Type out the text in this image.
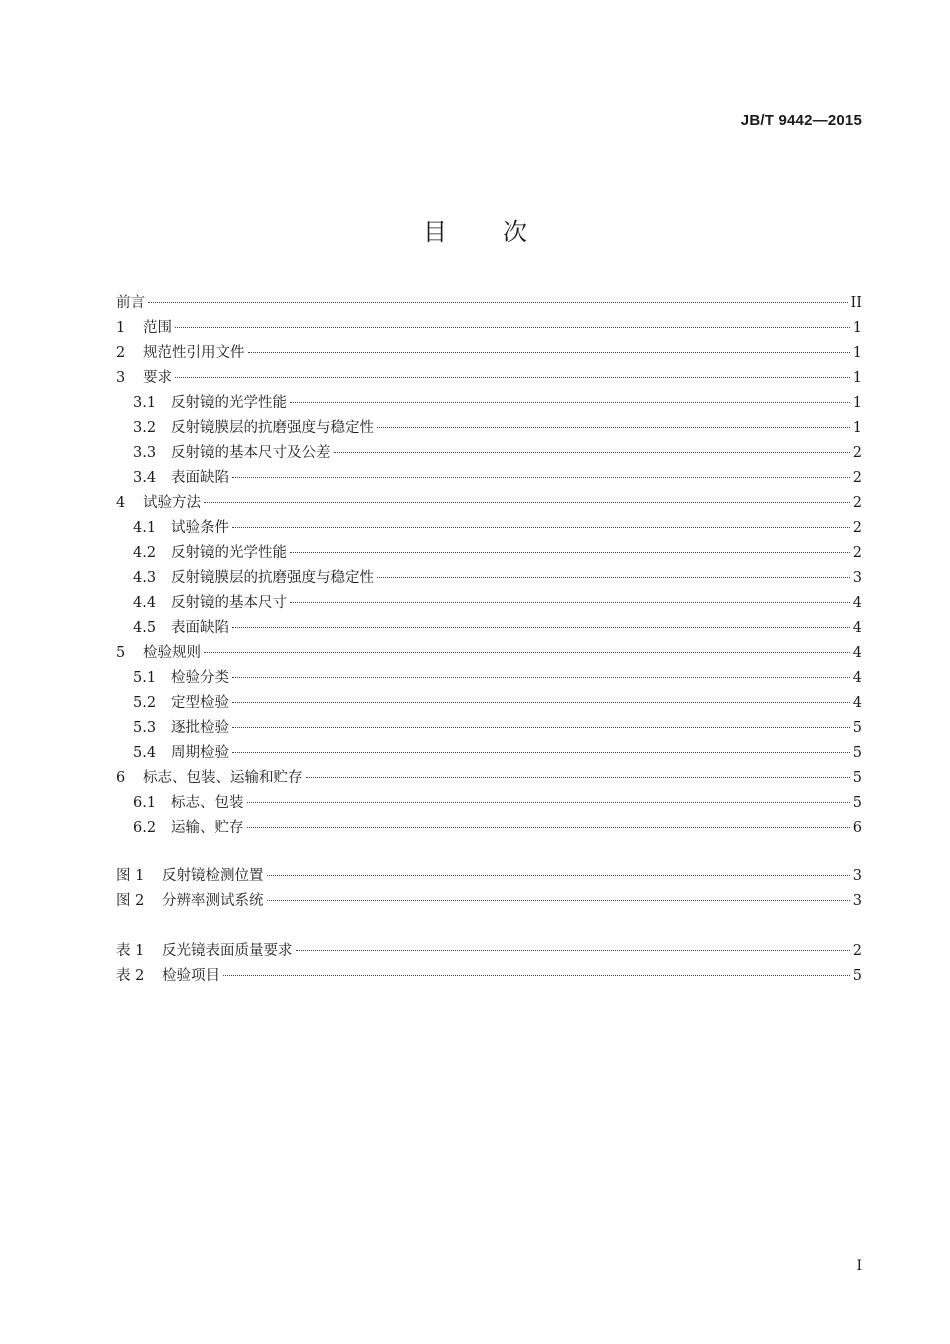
JB/T 9442—2015
目次
前言	II
1	范围	1
2	规范性引用文件	1
3	要求	1
3.1	反射镜的光学性能	1
3.2	反射镜膜层的抗磨强度与稳定性	1
3.3	反射镜的基本尺寸及公差	2
3.4	表面缺陷	2
4	试验方法	2
4.1	试验条件	2
4.2	反射镜的光学性能	2
4.3	反射镜膜层的抗磨强度与稳定性	3
4.4	反射镜的基本尺寸	4
4.5	表面缺陷	4
5	检验规则	4
5.1	检验分类	4
5.2	定型检验	4
5.3	逐批检验	5
5.4	周期检验	5
6	标志、包装、运输和贮存	5
6.1	标志、包装	5
6.2	运输、贮存	6
图 1	反射镜检测位置	3
图 2	分辨率测试系统	3
表 1	反光镜表面质量要求	2
表 2	检验项目	5
I
